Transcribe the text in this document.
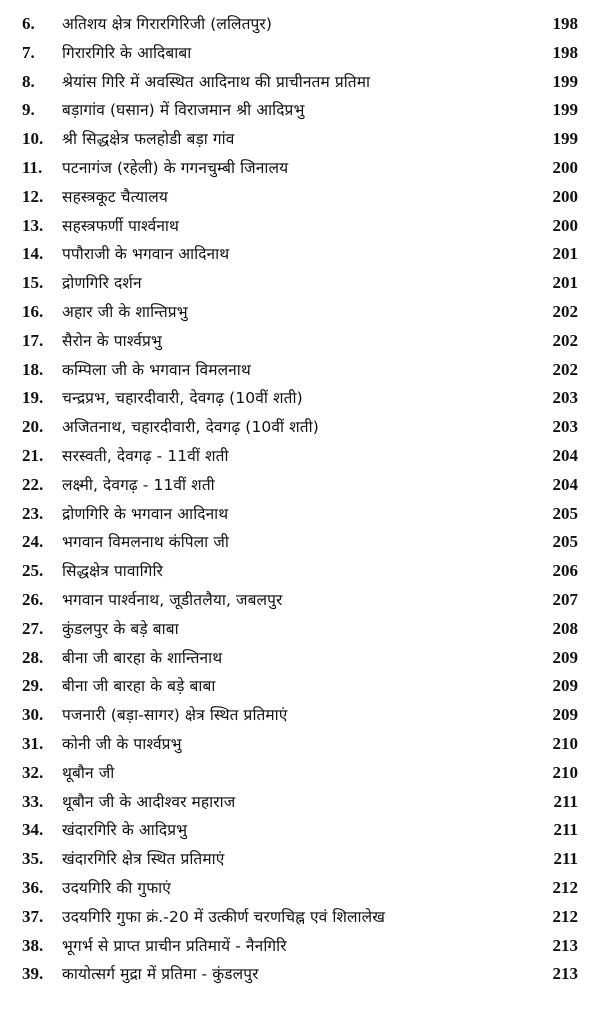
6.	अतिशय क्षेत्र गिरारगिरिजी (ललितपुर)	198
7.	गिरारगिरि के आदिबाबा	198
8.	श्रेयांस गिरि में अवस्थित आदिनाथ की प्राचीनतम प्रतिमा	199
9.	बड़ागांव (घसान) में विराजमान श्री आदिप्रभु	199
10.	श्री सिद्धक्षेत्र फलहोडी बड़ा गांव	199
11.	पटनागंज (रहेली) के गगनचुम्बी जिनालय	200
12.	सहस्त्रकूट चैत्यालय	200
13.	सहस्त्रफर्णी पार्श्वनाथ	200
14.	पपौराजी के भगवान आदिनाथ	201
15.	द्रोणगिरि दर्शन	201
16.	अहार जी के शान्तिप्रभु	202
17.	सैरोन के पार्श्वप्रभु	202
18.	कम्पिला जी के भगवान विमलनाथ	202
19.	चन्द्रप्रभ, चहारदीवारी, देवगढ़ (10वीं शती)	203
20.	अजितनाथ, चहारदीवारी, देवगढ़ (10वीं शती)	203
21.	सरस्वती, देवगढ़ - 11वीं शती	204
22.	लक्ष्मी, देवगढ़ - 11वीं शती	204
23.	द्रोणगिरि के भगवान आदिनाथ	205
24.	भगवान विमलनाथ कंपिला जी	205
25.	सिद्धक्षेत्र पावागिरि	206
26.	भगवान पार्श्वनाथ, जूडीतलैया, जबलपुर	207
27.	कुंडलपुर के बड़े बाबा	208
28.	बीना जी बारहा के शान्तिनाथ	209
29.	बीना जी बारहा के बड़े बाबा	209
30.	पजनारी (बड़ा-सागर) क्षेत्र स्थित प्रतिमाएं	209
31.	कोनी जी के पार्श्वप्रभु	210
32.	थूबौन जी	210
33.	थूबौन जी के आदीश्वर महाराज	211
34.	खंदारगिरि के आदिप्रभु	211
35.	खंदारगिरि क्षेत्र स्थित प्रतिमाएं	211
36.	उदयगिरि की गुफाएं	212
37.	उदयगिरि गुफा क्रं.-20 में उत्कीर्ण चरणचिह्न एवं शिलालेख	212
38.	भूगर्भ से प्राप्त प्राचीन प्रतिमायें - नैनगिरि	213
39.	कायोत्सर्ग मुद्रा में प्रतिमा - कुंडलपुर	213
